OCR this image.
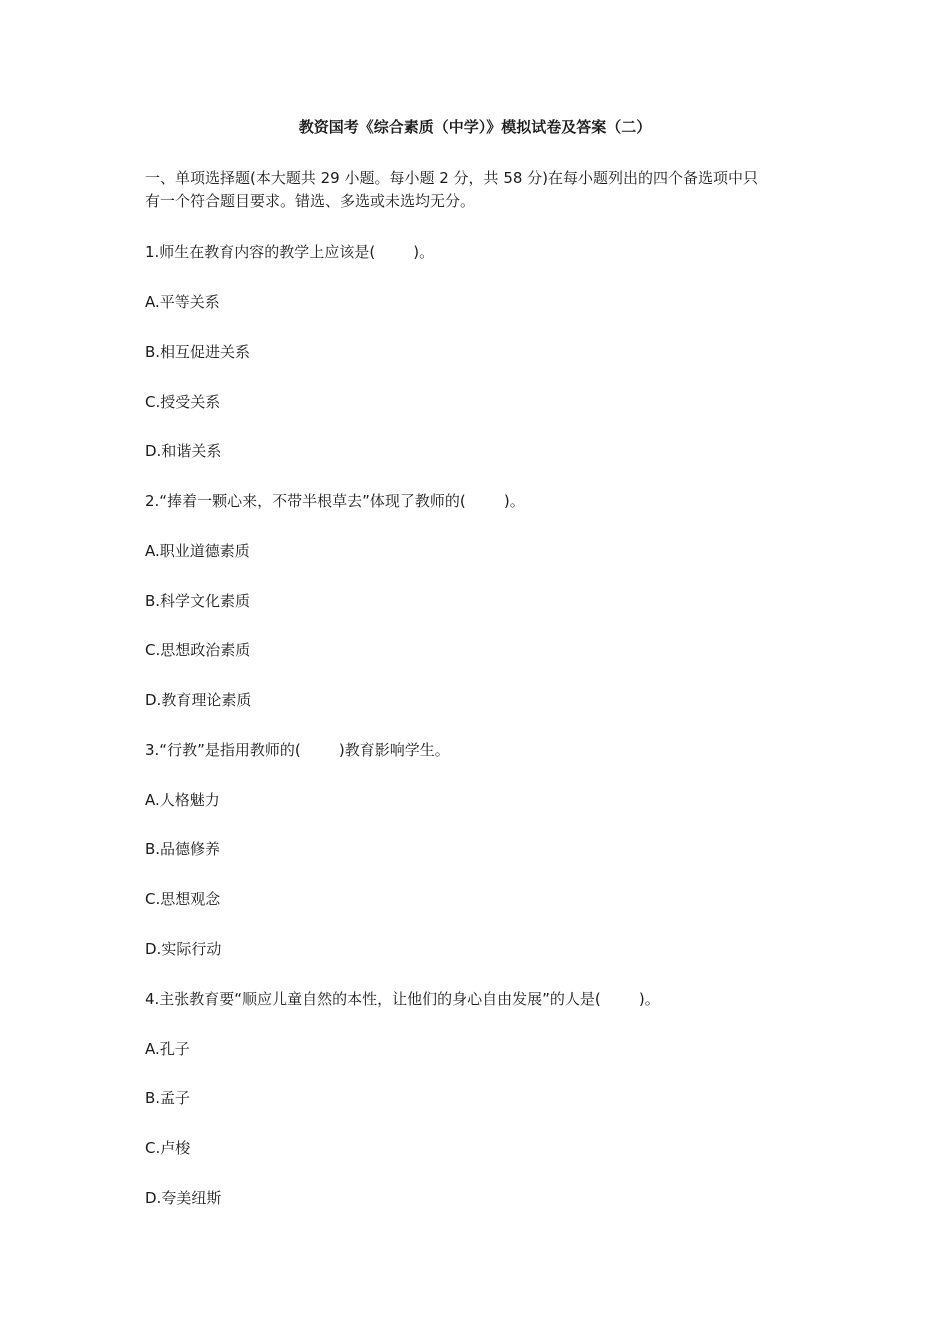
教资国考《综合素质（中学）》模拟试卷及答案（二）
一、单项选择题(本大题共 29 小题。每小题 2 分，共 58 分)在每小题列出的四个备选项中只
有一个符合题目要求。错选、多选或未选均无分。
1.师生在教育内容的教学上应该是(        )。
A.平等关系
B.相互促进关系
C.授受关系
D.和谐关系
2.“捧着一颗心来，不带半根草去”体现了教师的(        )。
A.职业道德素质
B.科学文化素质
C.思想政治素质
D.教育理论素质
3.“行教”是指用教师的(        )教育影响学生。
A.人格魅力
B.品德修养
C.思想观念
D.实际行动
4.主张教育要“顺应儿童自然的本性，让他们的身心自由发展”的人是(        )。
A.孔子
B.孟子
C.卢梭
D.夸美纽斯
